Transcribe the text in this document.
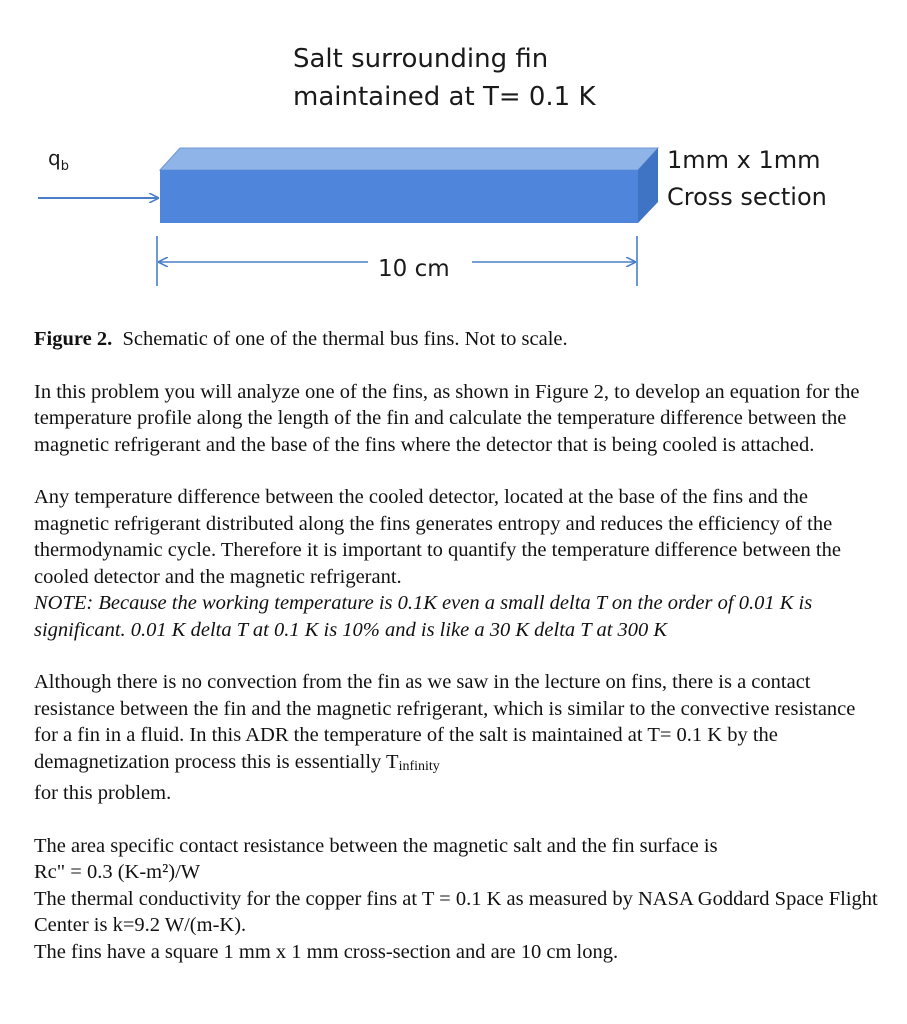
Salt surrounding fin
maintained at T= 0.1 K
$q_b$	1mm x 1mm
Cross section
10 cm

Figure 2. Schematic of one of the thermal bus fins. Not to scale.

In this problem you will analyze one of the fins, as shown in Figure 2, to develop an equation for the temperature profile along the length of the fin and calculate the temperature difference between the magnetic refrigerant and the base of the fins where the detector that is being cooled is attached.

Any temperature difference between the cooled detector, located at the base of the fins and the magnetic refrigerant distributed along the fins generates entropy and reduces the efficiency of the thermodynamic cycle. Therefore it is important to quantify the temperature difference between the cooled detector and the magnetic refrigerant.

NOTE: Because the working temperature is 0.1K even a small delta T on the order of 0.01 K is significant. 0.01 K delta T at 0.1 K is 10% and is like a 30 K delta T at 300 K

Although there is no convection from the fin as we saw in the lecture on fins, there is a contact resistance between the fin and the magnetic refrigerant, which is similar to the convective resistance for a fin in a fluid. In this ADR the temperature of the salt is maintained at T= 0.1 K by the demagnetization process this is essentially Tinfinity

for this problem.

The area specific contact resistance between the magnetic salt and the fin surface is

Rc" = 0.3 (K-m²)/W

The thermal conductivity for the copper fins at T = 0.1 K as measured by NASA Goddard Space Flight Center is k=9.2 W/(m-K).

The fins have a square 1 mm x 1 mm cross-section and are 10 cm long.
